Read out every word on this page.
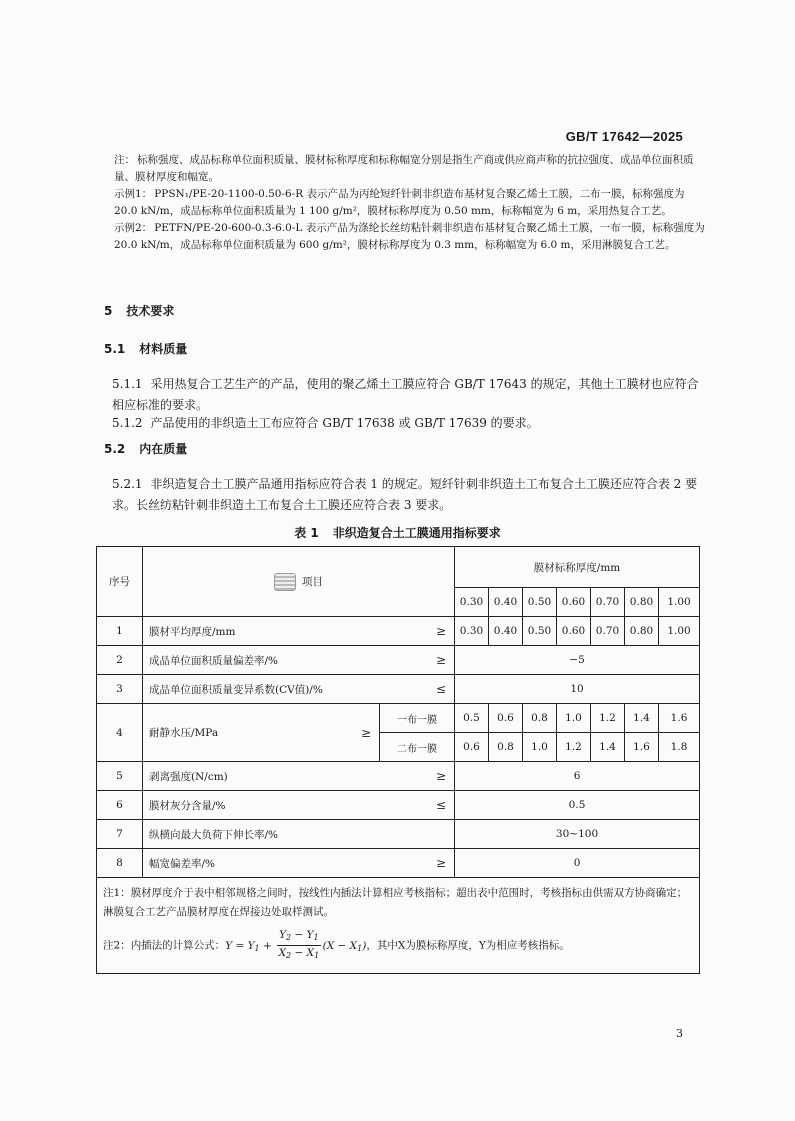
GB/T 17642—2025
注： 标称强度、成品标称单位面积质量、膜材标称厚度和标称幅宽分别是指生产商或供应商声称的抗拉强度、成品单位面积质量、膜材厚度和幅宽。
示例1： PPSN₁/PE-20-1100-0.50-6-R 表示产品为丙纶短纤针刺非织造布基材复合聚乙烯土工膜，二布一膜，标称强度为 20.0 kN/m，成品标称单位面积质量为 1 100 g/m²，膜材标称厚度为 0.50 mm，标称幅宽为 6 m，采用热复合工艺。
示例2： PETFN/PE-20-600-0.3-6.0-L 表示产品为涤纶长丝纺粘针刺非织造布基材复合聚乙烯土工膜，一布一膜，标称强度为 20.0 kN/m，成品标称单位面积质量为 600 g/m²，膜材标称厚度为 0.3 mm，标称幅宽为 6.0 m，采用淋膜复合工艺。
5 技术要求
5.1 材料质量
5.1.1 采用热复合工艺生产的产品，使用的聚乙烯土工膜应符合 GB/T 17643 的规定，其他土工膜材也应符合相应标准的要求。
5.1.2 产品使用的非织造土工布应符合 GB/T 17638 或 GB/T 17639 的要求。
5.2 内在质量
5.2.1 非织造复合土工膜产品通用指标应符合表 1 的规定。短纤针刺非织造土工布复合土工膜还应符合表 2 要求。长丝纺粘针刺非织造土工布复合土工膜还应符合表 3 要求。
表 1 非织造复合土工膜通用指标要求
序号	项目		膜材标称厚度/mm						
			0.30	0.40	0.50	0.60	0.70	0.80	1.00
1	膜材平均厚度/mm ≥		0.30	0.40	0.50	0.60	0.70	0.80	1.00
2	成品单位面积质量偏差率/% ≥		−5						
3	成品单位面积质量变异系数(CV值)/% ≤		10						
4	耐静水压/MPa ≥	一布一膜	0.5	0.6	0.8	1.0	1.2	1.4	1.6
		二布一膜	0.6	0.8	1.0	1.2	1.4	1.6	1.8
5	剥离强度(N/cm) ≥		6						
6	膜材灰分含量/% ≤		0.5						
7	纵横向最大负荷下伸长率/%		30~100						
8	幅宽偏差率/% ≥		0						

注1：膜材厚度介于表中相邻规格之间时，按线性内插法计算相应考核指标；超出表中范围时，考核指标由供需双方协商确定；淋膜复合工艺产品膜材厚度在焊接边处取样测试。
注2：内插法的计算公式：$Y = Y1 + \frac{Y2 - Y1}{X2 - X1} (X - X1)$，其中X为膜标称厚度，Y为相应考核指标。									
3
